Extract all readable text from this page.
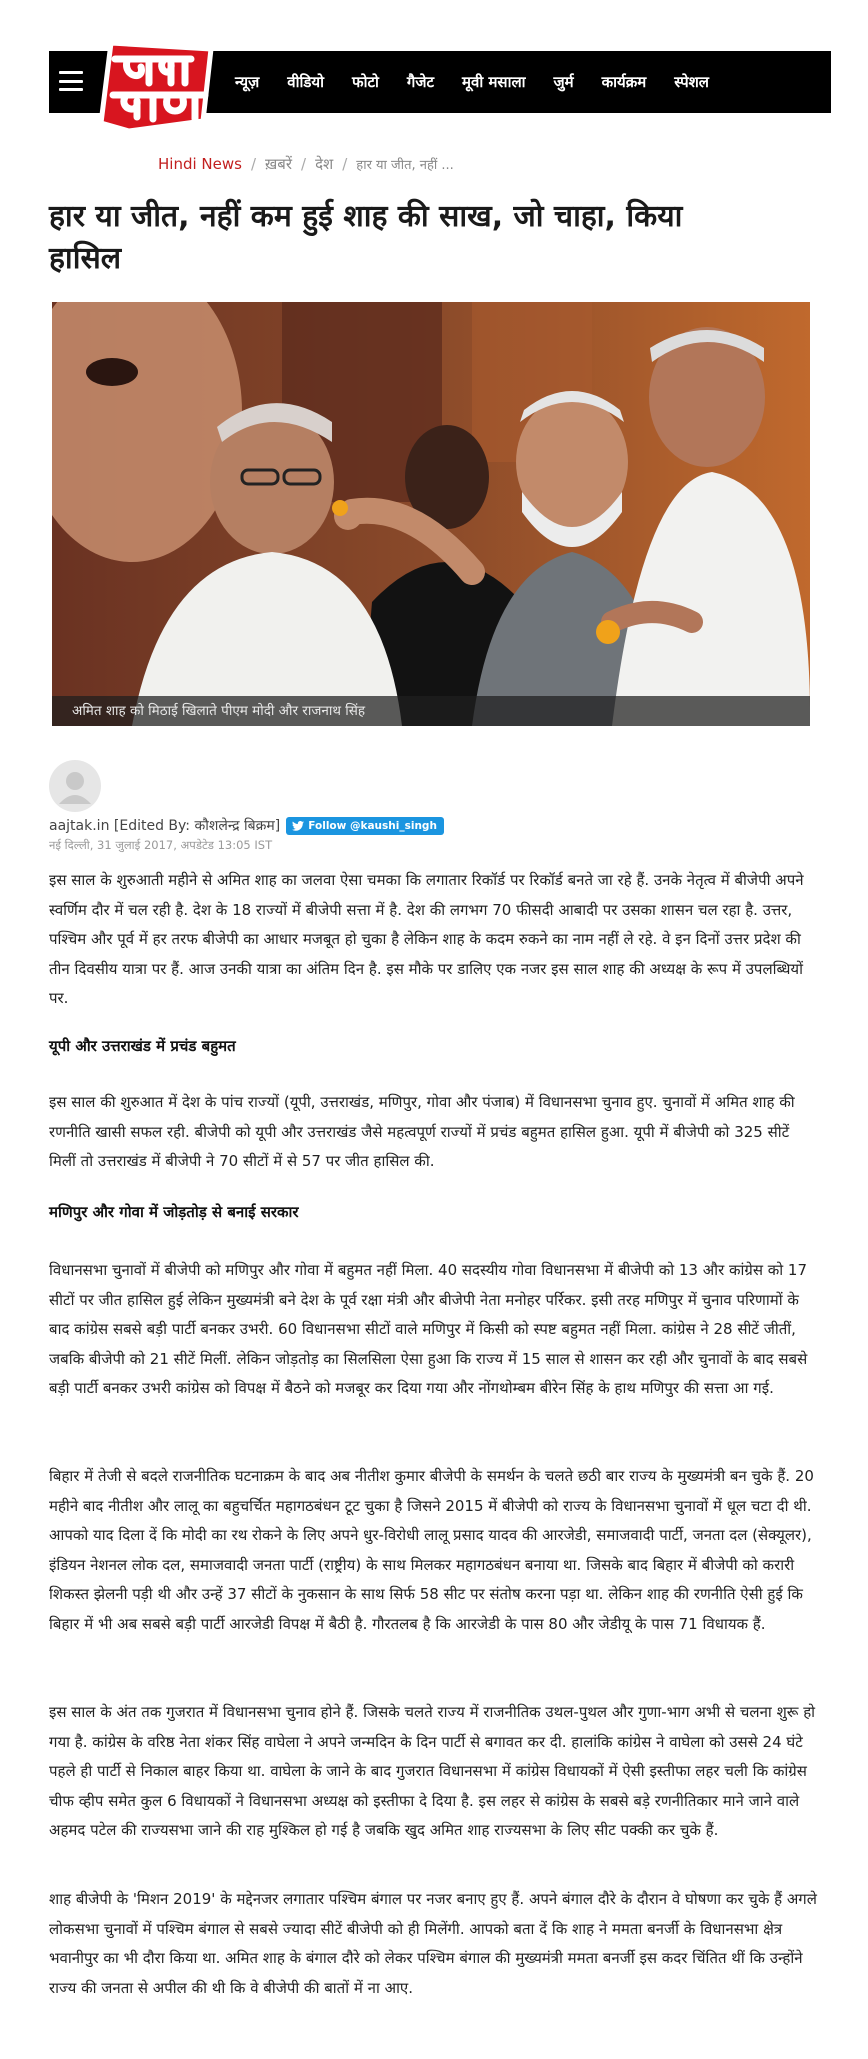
न्यूज़ वीडियो फोटो गैजेट मूवी मसाला जुर्म कार्यक्रम स्पेशल
Hindi News / ख़बरें / देश / हार या जीत, नहीं ...
हार या जीत, नहीं कम हुई शाह की साख, जो चाहा, किया हासिल
अमित शाह को मिठाई खिलाते पीएम मोदी और राजनाथ सिंह
aajtak.in [Edited By: कौशलेन्द्र बिक्रम]	Follow @kaushi_singh
नई दिल्ली, 31 जुलाई 2017, अपडेटेड 13:05 IST

इस साल के शुरुआती महीने से अमित शाह का जलवा ऐसा चमका कि लगातार रिकॉर्ड पर रिकॉर्ड बनते जा रहे हैं. उनके नेतृत्व में बीजेपी अपने स्वर्णिम दौर में चल रही है. देश के 18 राज्यों में बीजेपी सत्ता में है. देश की लगभग 70 फीसदी आबादी पर उसका शासन चल रहा है. उत्तर, पश्चिम और पूर्व में हर तरफ बीजेपी का आधार मजबूत हो चुका है लेकिन शाह के कदम रुकने का नाम नहीं ले रहे. वे इन दिनों उत्तर प्रदेश की तीन दिवसीय यात्रा पर हैं. आज उनकी यात्रा का अंतिम दिन है. इस मौके पर डालिए एक नजर इस साल शाह की अध्यक्ष के रूप में उपलब्धियों पर.

यूपी और उत्तराखंड में प्रचंड बहुमत

इस साल की शुरुआत में देश के पांच राज्यों (यूपी, उत्तराखंड, मणिपुर, गोवा और पंजाब) में विधानसभा चुनाव हुए. चुनावों में अमित शाह की रणनीति खासी सफल रही. बीजेपी को यूपी और उत्तराखंड जैसे महत्वपूर्ण राज्यों में प्रचंड बहुमत हासिल हुआ. यूपी में बीजेपी को 325 सीटें मिलीं तो उत्तराखंड में बीजेपी ने 70 सीटों में से 57 पर जीत हासिल की.

मणिपुर और गोवा में जोड़तोड़ से बनाई सरकार

विधानसभा चुनावों में बीजेपी को मणिपुर और गोवा में बहुमत नहीं मिला. 40 सदस्यीय गोवा विधानसभा में बीजेपी को 13 और कांग्रेस को 17 सीटों पर जीत हासिल हुई लेकिन मुख्यमंत्री बने देश के पूर्व रक्षा मंत्री और बीजेपी नेता मनोहर पर्रिकर. इसी तरह मणिपुर में चुनाव परिणामों के बाद कांग्रेस सबसे बड़ी पार्टी बनकर उभरी. 60 विधानसभा सीटों वाले मणिपुर में किसी को स्पष्ट बहुमत नहीं मिला. कांग्रेस ने 28 सीटें जीतीं, जबकि बीजेपी को 21 सीटें मिलीं. लेकिन जोड़तोड़ का सिलसिला ऐसा हुआ कि राज्य में 15 साल से शासन कर रही और चुनावों के बाद सबसे बड़ी पार्टी बनकर उभरी कांग्रेस को विपक्ष में बैठने को मजबूर कर दिया गया और नोंगथोम्बम बीरेन सिंह के हाथ मणिपुर की सत्ता आ गई.

बिहार में तेजी से बदले राजनीतिक घटनाक्रम के बाद अब नीतीश कुमार बीजेपी के समर्थन के चलते छठी बार राज्य के मुख्यमंत्री बन चुके हैं. 20 महीने बाद नीतीश और लालू का बहुचर्चित महागठबंधन टूट चुका है जिसने 2015 में बीजेपी को राज्य के विधानसभा चुनावों में धूल चटा दी थी. आपको याद दिला दें कि मोदी का रथ रोकने के लिए अपने धुर-विरोधी लालू प्रसाद यादव की आरजेडी, समाजवादी पार्टी, जनता दल (सेक्यूलर), इंडियन नेशनल लोक दल, समाजवादी जनता पार्टी (राष्ट्रीय) के साथ मिलकर महागठबंधन बनाया था. जिसके बाद बिहार में बीजेपी को करारी शिकस्त झेलनी पड़ी थी और उन्हें 37 सीटों के नुकसान के साथ सिर्फ 58 सीट पर संतोष करना पड़ा था. लेकिन शाह की रणनीति ऐसी हुई कि बिहार में भी अब सबसे बड़ी पार्टी आरजेडी विपक्ष में बैठी है. गौरतलब है कि आरजेडी के पास 80 और जेडीयू के पास 71 विधायक हैं.

इस साल के अंत तक गुजरात में विधानसभा चुनाव होने हैं. जिसके चलते राज्य में राजनीतिक उथल-पुथल और गुणा-भाग अभी से चलना शुरू हो गया है. कांग्रेस के वरिष्ठ नेता शंकर सिंह वाघेला ने अपने जन्मदिन के दिन पार्टी से बगावत कर दी. हालांकि कांग्रेस ने वाघेला को उससे 24 घंटे पहले ही पार्टी से निकाल बाहर किया था. वाघेला के जाने के बाद गुजरात विधानसभा में कांग्रेस विधायकों में ऐसी इस्तीफा लहर चली कि कांग्रेस चीफ व्हीप समेत कुल 6 विधायकों ने विधानसभा अध्यक्ष को इस्तीफा दे दिया है. इस लहर से कांग्रेस के सबसे बड़े रणनीतिकार माने जाने वाले अहमद पटेल की राज्यसभा जाने की राह मुश्किल हो गई है जबकि खुद अमित शाह राज्यसभा के लिए सीट पक्की कर चुके हैं.

शाह बीजेपी के 'मिशन 2019' के मद्देनजर लगातार पश्चिम बंगाल पर नजर बनाए हुए हैं. अपने बंगाल दौरे के दौरान वे घोषणा कर चुके हैं अगले लोकसभा चुनावों में पश्चिम बंगाल से सबसे ज्यादा सीटें बीजेपी को ही मिलेंगी. आपको बता दें कि शाह ने ममता बनर्जी के विधानसभा क्षेत्र भवानीपुर का भी दौरा किया था. अमित शाह के बंगाल दौरे को लेकर पश्चिम बंगाल की मुख्यमंत्री ममता बनर्जी इस कदर चिंतित थीं कि उन्होंने राज्य की जनता से अपील की थी कि वे बीजेपी की बातों में ना आए.
